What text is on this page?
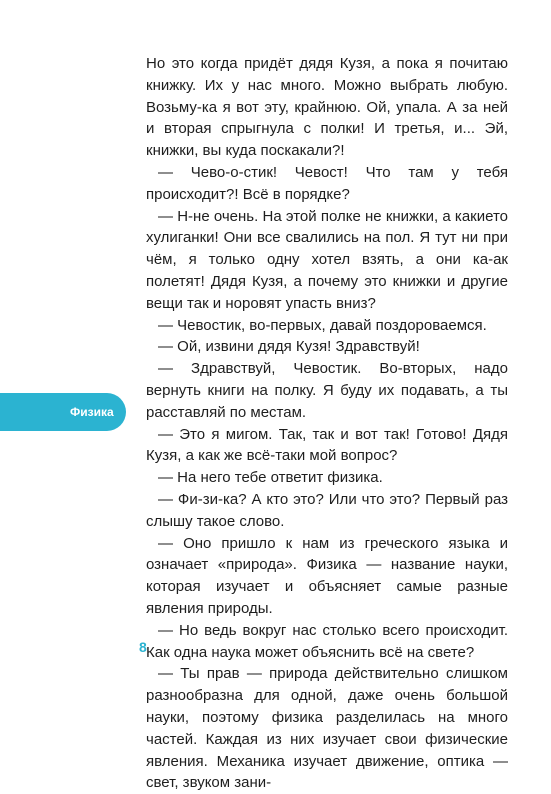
Но это когда придёт дядя Кузя, а пока я почитаю книжку. Их у нас много. Можно выбрать любую. Возьму-ка я вот эту, крайнюю. Ой, упала. А за ней и вторая спрыгнула с полки! И третья, и... Эй, книжки, вы куда поскакали?!

— Чево-о-стик! Чевост! Что там у тебя происходит?! Всё в порядке?

— Н-не очень. На этой полке не книжки, а какието хулиганки! Они все свалились на пол. Я тут ни при чём, я только одну хотел взять, а они ка-ак полетят! Дядя Кузя, а почему это книжки и другие вещи так и норовят упасть вниз?

— Чевостик, во-первых, давай поздороваемся.

— Ой, извини дядя Кузя! Здравствуй!

— Здравствуй, Чевостик. Во-вторых, надо вернуть книги на полку. Я буду их подавать, а ты расставляй по местам.

— Это я мигом. Так, так и вот так! Готово! Дядя Кузя, а как же всё-таки мой вопрос?

— На него тебе ответит физика.

— Фи-зи-ка? А кто это? Или что это? Первый раз слышу такое слово.

— Оно пришло к нам из греческого языка и означает «природа». Физика — название науки, которая изучает и объясняет самые разные явления природы.

— Но ведь вокруг нас столько всего происходит. Как одна наука может объяснить всё на свете?

— Ты прав — природа действительно слишком разнообразна для одной, даже очень большой науки, поэтому физика разделилась на много частей. Каждая из них изучает свои физические явления. Механика изучает движение, оптика — свет, звуком зани-

Физика
8
